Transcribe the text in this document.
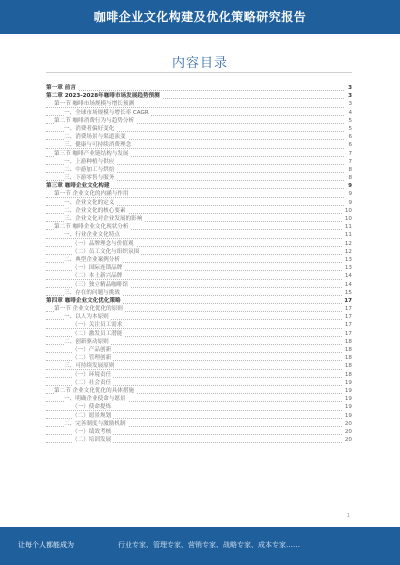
咖啡企业文化构建及优化策略研究报告
内容目录
第一章 前言	3
第二章 2023-2028年咖啡市场发展趋势预测	3
第一节 咖啡市场规模与增长预测	3
一、全球市场规模与增长率 CAGR	4
第二节 咖啡消费行为与趋势分析	5
一、消费者偏好变化	5
二、消费场景与渠道演变	6
三、健康与可持续消费理念	6
第三节 咖啡产业链结构与发展	7
一、上游种植与供应	7
二、中游加工与烘焙	8
三、下游零售与服务	8
第三章 咖啡企业文化构建	9
第一节 企业文化的内涵与作用	9
一、企业文化的定义	9
二、企业文化的核心要素	10
三、企业文化对企业发展的影响	10
第二节 咖啡企业文化现状分析	11
一、行业企业文化特点	11
（一）品牌理念与价值观	12
（二）员工文化与组织氛围	12
二、典型企业案例分析	13
（一）国际连锁品牌	13
（二）本土新兴品牌	14
（三）独立精品咖啡馆	14
三、存在的问题与挑战	15
第四章 咖啡企业文化优化策略	17
第一节 企业文化优化的原则	17
一、以人为本原则	17
（一）关注员工需求	17
（二）激发员工潜能	17
二、创新驱动原则	18
（一）产品创新	18
（二）管理创新	18
三、可持续发展原则	18
（一）环境责任	18
（二）社会责任	19
第二节 企业文化优化的具体措施	19
一、明确企业使命与愿景	19
（一）使命提炼	19
（二）愿景规划	19
二、完善制度与激励机制	20
（一）绩效考核	20
（二）培训发展	20
1
让每个人都能成为	行业专家、管理专家、营销专家、战略专家、成本专家……
